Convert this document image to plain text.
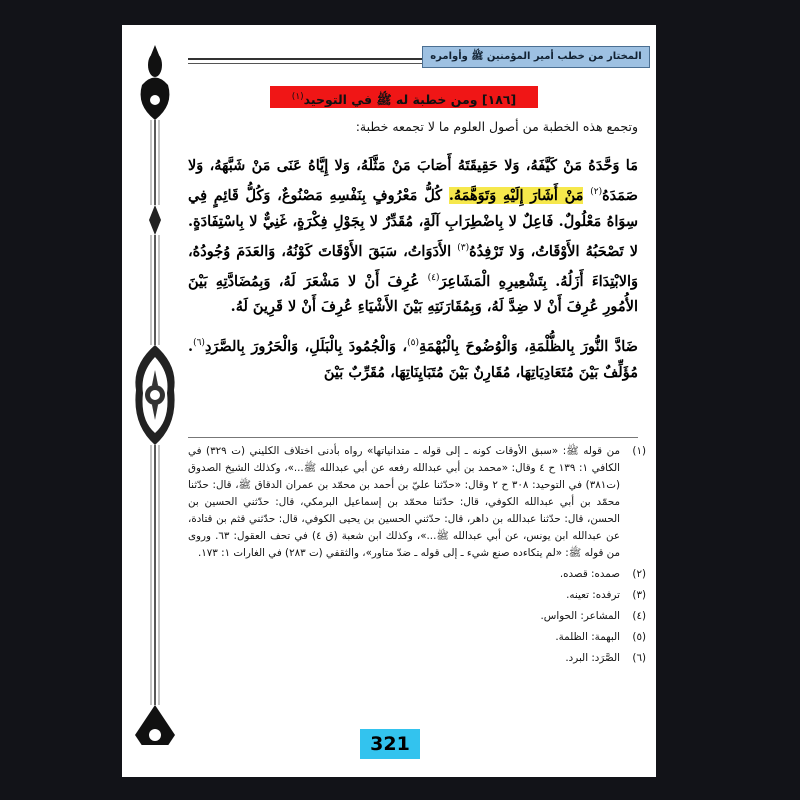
المختار من خطب أمير المؤمنين ﷺ وأوامره
[١٨٦] ومن خطبة له ﷺ في التوحيد$^{(١)}$
وتجمع هذه الخطبة من أصول العلوم ما لا تجمعه خطبة:

مَا وَحَّدَهُ مَنْ كَيَّفَهُ، وَلا حَقِيقَتَهُ أَصَابَ مَنْ مَثَّلَهُ، وَلا إِيَّاهُ عَنَى مَنْ شَبَّهَهُ، وَلا صَمَدَهُ$^{(٢)}$ مَنْ أَشَارَ إِلَيْهِ وَتَوَهَّمَهُ. كُلُّ مَعْرُوفٍ بِنَفْسِهِ مَصْنُوعٌ، وَكُلُّ قَائِمٍ فِي سِوَاهُ مَعْلُولٌ. فَاعِلٌ لا بِاضْطِرَابِ آلَةٍ، مُقَدِّرٌ لا بِجَوْلِ فِكْرَةٍ، غَنِيٌّ لا بِاسْتِفَادَةٍ. لا تَصْحَبُهُ الأَوْقَاتُ، وَلا تَرْفِدُهُ$^{(٣)}$ الأَدَوَاتُ، سَبَقَ الأَوْقَاتَ كَوْنُهُ، وَالعَدَمَ وُجُودُهُ، وَالابْتِدَاءَ أَزَلُهُ. بِتَشْعِيرِهِ الْمَشَاعِرَ$^{(٤)}$ عُرِفَ أَنْ لا مَشْعَرَ لَهُ، وَبِمُضَادَّتِهِ بَيْنَ الأُمُورِ عُرِفَ أَنْ لا ضِدَّ لَهُ، وَبِمُقَارَنَتِهِ بَيْنَ الأَشْيَاءِ عُرِفَ أَنْ لا قَرِينَ لَهُ.

ضَادَّ النُّورَ بِالظُّلْمَةِ، وَالْوُضُوحَ بِالْبُهْمَةِ$^{(٥)}$، وَالْجُمُودَ بِالْبَلَلِ، وَالْحَرُورَ بِالصَّرَدِ$^{(٦)}$. مُؤَلِّفٌ بَيْنَ مُتَعَادِيَاتِهَا، مُقَارِنٌ بَيْنَ مُتَبَايِنَاتِهَا، مُقَرِّبٌ بَيْنَ

(١)
من قوله ﷺ: «سبق الأوقات كونه ـ إلى قوله ـ متدانياتها» رواه بأدنى اختلاف الكليني (ت ٣٢٩) في الكافي ١: ١٣٩ ح ٤ وقال: «محمد بن أبي عبدالله رفعه عن أبي عبدالله ﷺ...»، وكذلك الشيخ الصدوق (ت٣٨١) في التوحيد: ٣٠٨ ح ٢ وقال: «حدّثنا عليّ بن أحمد بن محمّد بن عمران الدقاق ﷺ، قال: حدّثنا محمّد بن أبي عبدالله الكوفي، قال: حدّثنا محمّد بن إسماعيل البرمكي، قال: حدّثني الحسين بن الحسن، قال: حدّثنا عبدالله بن داهر، قال: حدّثني الحسين بن يحيى الكوفي، قال: حدّثني قثم بن قتادة، عن عبدالله ابن يونس، عن أبي عبدالله ﷺ...»، وكذلك ابن شعبة (ق ٤) في تحف العقول: ٦٣. وروى من قوله ﷺ: «لم يتكاءده صنع شيء ـ إلى قوله ـ ضدّ متاور»، والثقفي (ت ٢٨٣) في الغارات ١: ١٧٣.
(٢)
صمده: قصده.
(٣)
ترفده: تعينه.
(٤)
المشاعر: الحواس.
(٥)
البهمة: الظلمة.
(٦)
الصَّرَد: البرد.
321
